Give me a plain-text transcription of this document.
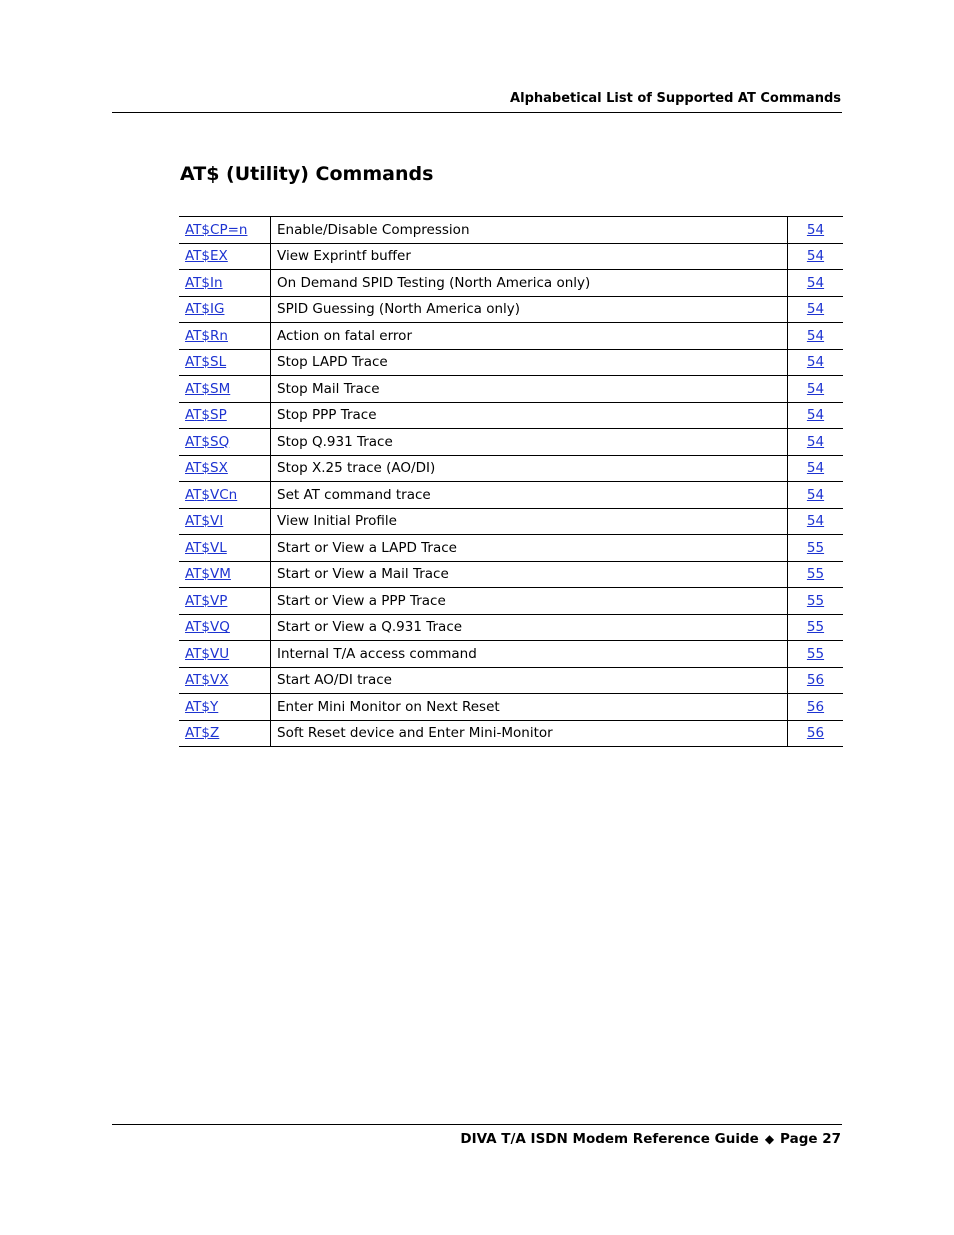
Alphabetical List of Supported AT Commands
AT$ (Utility) Commands
AT$CP=n	Enable/Disable Compression	54
AT$EX	View Exprintf buffer	54
AT$In	On Demand SPID Testing (North America only)	54
AT$IG	SPID Guessing (North America only)	54
AT$Rn	Action on fatal error	54
AT$SL	Stop LAPD Trace	54
AT$SM	Stop Mail Trace	54
AT$SP	Stop PPP Trace	54
AT$SQ	Stop Q.931 Trace	54
AT$SX	Stop X.25 trace (AO/DI)	54
AT$VCn	Set AT command trace	54
AT$VI	View Initial Profile	54
AT$VL	Start or View a LAPD Trace	55
AT$VM	Start or View a Mail Trace	55
AT$VP	Start or View a PPP Trace	55
AT$VQ	Start or View a Q.931 Trace	55
AT$VU	Internal T/A access command	55
AT$VX	Start AO/DI trace	56
AT$Y	Enter Mini Monitor on Next Reset	56
AT$Z	Soft Reset device and Enter Mini-Monitor	56
DIVA T/A ISDN Modem Reference Guide ◆ Page 27
